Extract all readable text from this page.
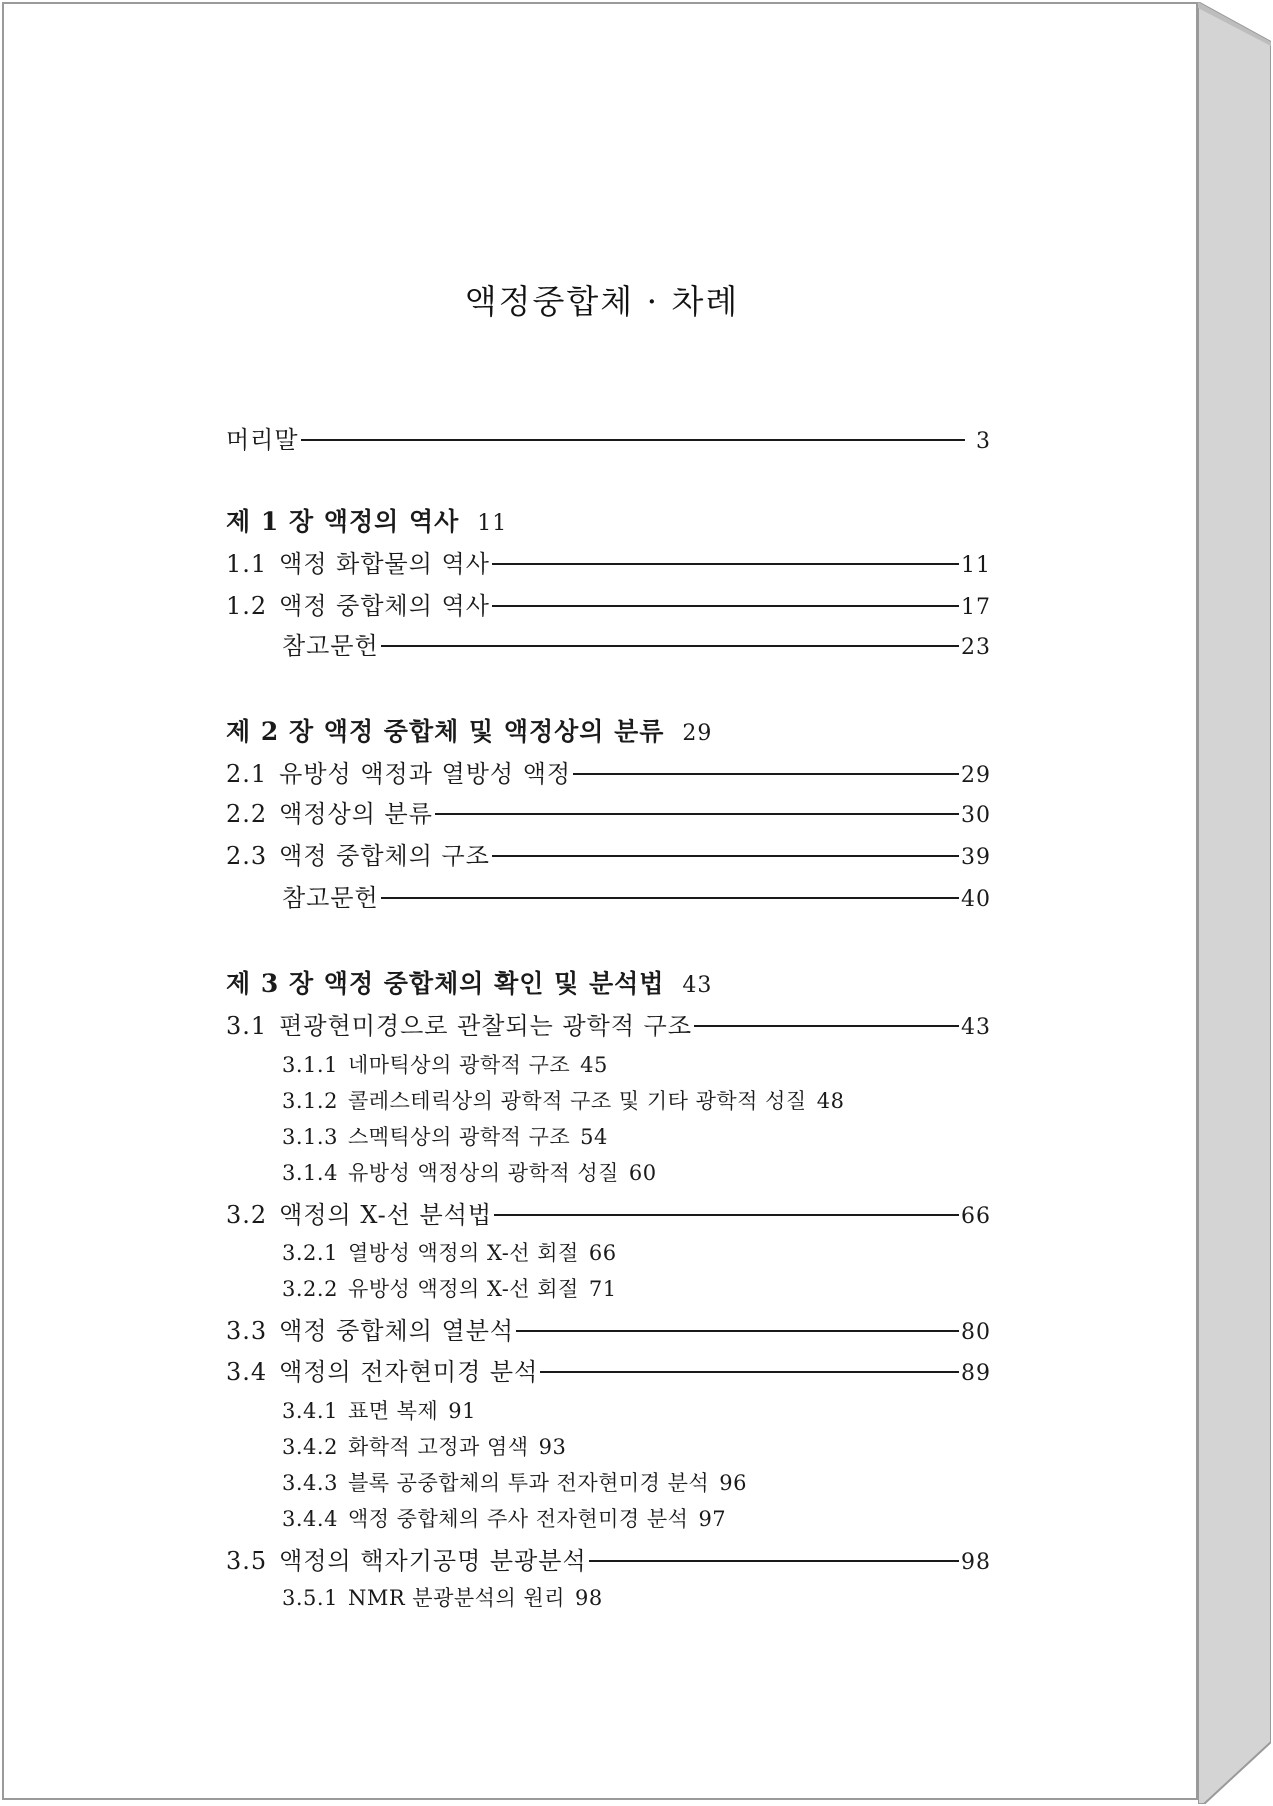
액정중합체 · 차례
머리말	3
제 1 장 액정의 역사 11
1.1 액정 화합물의 역사	11
1.2 액정 중합체의 역사	17
참고문헌	23
제 2 장 액정 중합체 및 액정상의 분류 29
2.1 유방성 액정과 열방성 액정	29
2.2 액정상의 분류	30
2.3 액정 중합체의 구조	39
참고문헌	40
제 3 장 액정 중합체의 확인 및 분석법 43
3.1 편광현미경으로 관찰되는 광학적 구조	43
3.1.1 네마틱상의 광학적 구조 45
3.1.2 콜레스테릭상의 광학적 구조 및 기타 광학적 성질 48
3.1.3 스멕틱상의 광학적 구조 54
3.1.4 유방성 액정상의 광학적 성질 60
3.2 액정의 X-선 분석법	66
3.2.1 열방성 액정의 X-선 회절 66
3.2.2 유방성 액정의 X-선 회절 71
3.3 액정 중합체의 열분석	80
3.4 액정의 전자현미경 분석	89
3.4.1 표면 복제 91
3.4.2 화학적 고정과 염색 93
3.4.3 블록 공중합체의 투과 전자현미경 분석 96
3.4.4 액정 중합체의 주사 전자현미경 분석 97
3.5 액정의 핵자기공명 분광분석	98
3.5.1 NMR 분광분석의 원리 98
